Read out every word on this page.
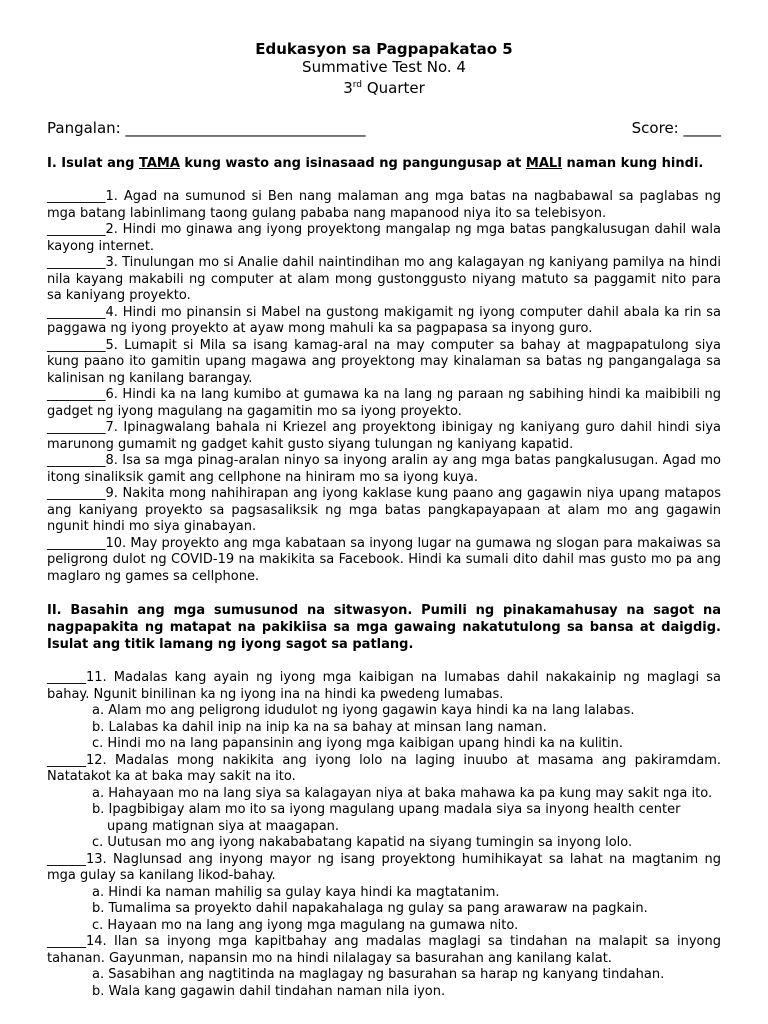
Edukasyon sa Pagpapakatao 5
Summative Test No. 4
3rd Quarter
Pangalan: ________________________________	Score: _____
I. Isulat ang TAMA kung wasto ang isinasaad ng pangungusap at MALI naman kung hindi.
_________1. Agad na sumunod si Ben nang malaman ang mga batas na nagbabawal sa paglabas ng mga batang labinlimang taong gulang pababa nang mapanood niya ito sa telebisyon.
_________2. Hindi mo ginawa ang iyong proyektong mangalap ng mga batas pangkalusugan dahil wala kayong internet.
_________3. Tinulungan mo si Analie dahil naintindihan mo ang kalagayan ng kaniyang pamilya na hindi nila kayang makabili ng computer at alam mong gustonggusto niyang matuto sa paggamit nito para sa kaniyang proyekto.
_________4. Hindi mo pinansin si Mabel na gustong makigamit ng iyong computer dahil abala ka rin sa paggawa ng iyong proyekto at ayaw mong mahuli ka sa pagpapasa sa inyong guro.
_________5. Lumapit si Mila sa isang kamag-aral na may computer sa bahay at magpapatulong siya kung paano ito gamitin upang magawa ang proyektong may kinalaman sa batas ng pangangalaga sa kalinisan ng kanilang barangay.
_________6. Hindi ka na lang kumibo at gumawa ka na lang ng paraan ng sabihing hindi ka maibibili ng gadget ng iyong magulang na gagamitin mo sa iyong proyekto.
_________7. Ipinagwalang bahala ni Kriezel ang proyektong ibinigay ng kaniyang guro dahil hindi siya marunong gumamit ng gadget kahit gusto siyang tulungan ng kaniyang kapatid.
_________8. Isa sa mga pinag-aralan ninyo sa inyong aralin ay ang mga batas pangkalusugan. Agad mo itong sinaliksik gamit ang cellphone na hiniram mo sa iyong kuya.
_________9. Nakita mong nahihirapan ang iyong kaklase kung paano ang gagawin niya upang matapos ang kaniyang proyekto sa pagsasaliksik ng mga batas pangkapayapaan at alam mo ang gagawin ngunit hindi mo siya ginabayan.
_________10. May proyekto ang mga kabataan sa inyong lugar na gumawa ng slogan para makaiwas sa peligrong dulot ng COVID-19 na makikita sa Facebook. Hindi ka sumali dito dahil mas gusto mo pa ang maglaro ng games sa cellphone.
II. Basahin ang mga sumusunod na sitwasyon. Pumili ng pinakamahusay na sagot na nagpapakita ng matapat na pakikiisa sa mga gawaing nakatutulong sa bansa at daigdig. Isulat ang titik lamang ng iyong sagot sa patlang.
______11. Madalas kang ayain ng iyong mga kaibigan na lumabas dahil nakakainip ng maglagi sa bahay. Ngunit binilinan ka ng iyong ina na hindi ka pwedeng lumabas.
a. Alam mo ang peligrong idudulot ng iyong gagawin kaya hindi ka na lang lalabas.
b. Lalabas ka dahil inip na inip ka na sa bahay at minsan lang naman.
c. Hindi mo na lang papansinin ang iyong mga kaibigan upang hindi ka na kulitin.
______12. Madalas mong nakikita ang iyong lolo na laging inuubo at masama ang pakiramdam. Natatakot ka at baka may sakit na ito.
a. Hahayaan mo na lang siya sa kalagayan niya at baka mahawa ka pa kung may sakit nga ito.
b. Ipagbibigay alam mo ito sa iyong magulang upang madala siya sa inyong health center upang matignan siya at maagapan.
c. Uutusan mo ang iyong nakababatang kapatid na siyang tumingin sa inyong lolo.
______13. Naglunsad ang inyong mayor ng isang proyektong humihikayat sa lahat na magtanim ng mga gulay sa kanilang likod-bahay.
a. Hindi ka naman mahilig sa gulay kaya hindi ka magtatanim.
b. Tumalima sa proyekto dahil napakahalaga ng gulay sa pang arawaraw na pagkain.
c. Hayaan mo na lang ang iyong mga magulang na gumawa nito.
______14. Ilan sa inyong mga kapitbahay ang madalas maglagi sa tindahan na malapit sa inyong tahanan. Gayunman, napansin mo na hindi nilalagay sa basurahan ang kanilang kalat.
a. Sasabihan ang nagtitinda na maglagay ng basurahan sa harap ng kanyang tindahan.
b. Wala kang gagawin dahil tindahan naman nila iyon.
